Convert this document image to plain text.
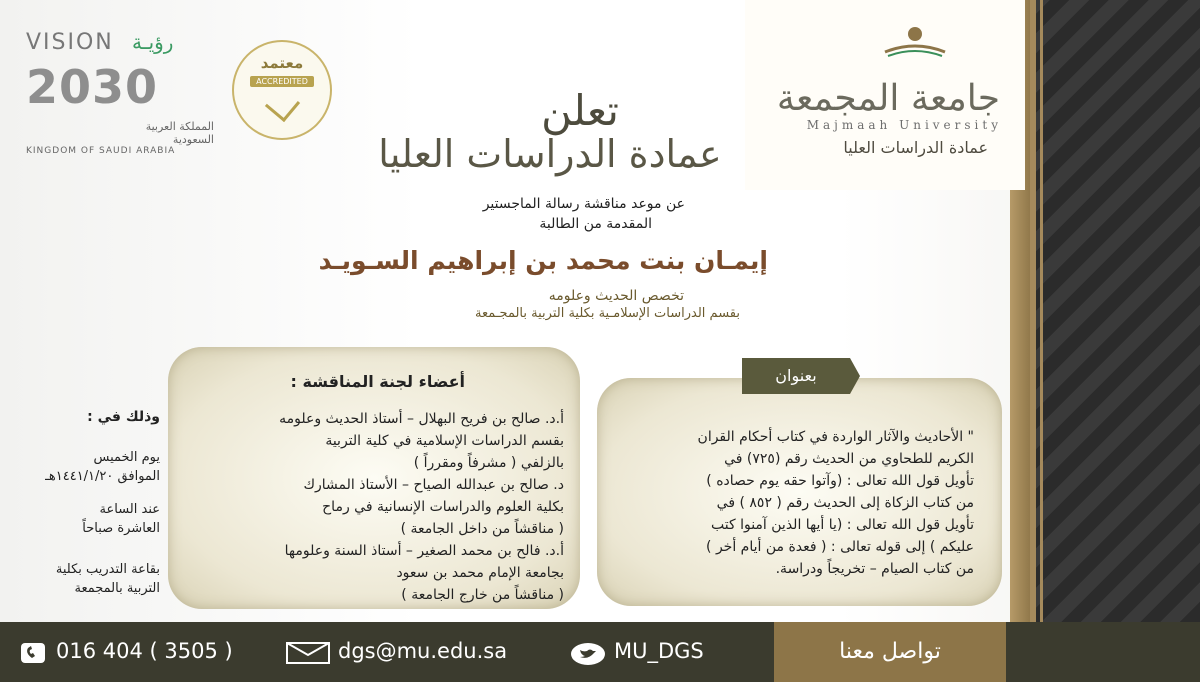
جامعة المجمعة
Majmaah University
عمادة الدراسات العليا
VISION رؤيـة
2030
المملكة العربية السعودية
KINGDOM OF SAUDI ARABIA
معتمد
ACCREDITED
تعلن
عمادة الدراسات العليا
عن موعد مناقشة رسالة الماجستير
المقدمة من الطالبة
إيمـان بنت محمد بن إبراهيم السـويـد
تخصص الحديث وعلومه
بقسم الدراسات الإسلامـية بكلية التربية بالمجـمعة
أعضاء لجنة المناقشة :
أ.د. صالح بن فريح البهلال – أستاذ الحديث وعلومه
بقسم الدراسات الإسلامية في كلية التربية
بالزلفي ( مشرفاً ومقرراً )
د. صالح بن عبدالله الصياح – الأستاذ المشارك
بكلية العلوم والدراسات الإنسانية في رماح
( مناقشاً من داخل الجامعة )
أ.د. فالح بن محمد الصغير – أستاذ السنة وعلومها
بجامعة الإمام محمد بن سعود
( مناقشاً من خارج الجامعة )
بعنوان
" الأحاديث والآثار الواردة في كتاب أحكام القران
الكريم للطحاوي من الحديث رقم (٧٢٥) في
تأويل قول الله تعالى : (وآتوا حقه يوم حصاده )
من كتاب الزكاة إلى الحديث رقم ( ٨٥٢ ) في
تأويل قول الله تعالى : (يا أيها الذين آمنوا كتب
عليكم ) إلى قوله تعالى : ( فعدة من أيام أخر )
من كتاب الصيام – تخريجاً ودراسة.
وذلك في :
يوم الخميس
الموافق ١٤٤١/١/٢٠هـ
عند الساعة
العاشرة صباحاً
بقاعة التدريب بكلية
التربية بالمجمعة
016 404 ( 3505 )	dgs@mu.edu.sa	MU_DGS	تواصل معنا
